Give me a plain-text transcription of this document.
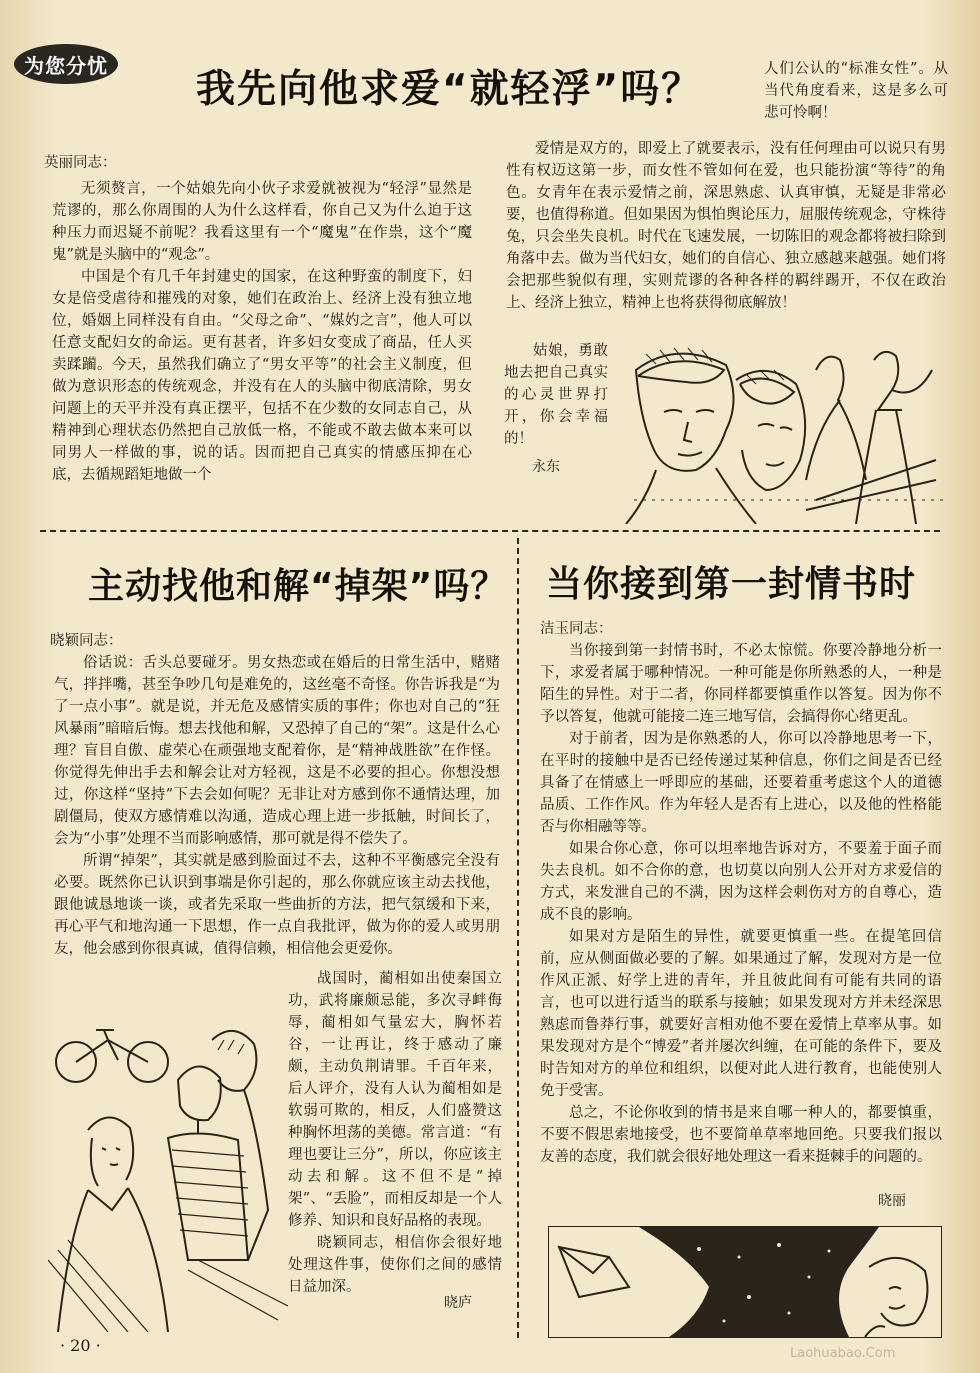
为您分忧
我先向他求爱“就轻浮”吗？
英丽同志：

无须赘言，一个姑娘先向小伙子求爱就被视为“轻浮”显然是荒谬的，那么你周围的人为什么这样看，你自己又为什么迫于这种压力而迟疑不前呢？我看这里有一个“魔鬼”在作祟，这个“魔鬼”就是头脑中的“观念”。

中国是个有几千年封建史的国家，在这种野蛮的制度下，妇女是倍受虐待和摧残的对象，她们在政治上、经济上没有独立地位，婚姻上同样没有自由。“父母之命”、“媒妁之言”，他人可以任意支配妇女的命运。更有甚者，许多妇女变成了商品，任人买卖蹂躏。今天，虽然我们确立了“男女平等”的社会主义制度，但做为意识形态的传统观念，并没有在人的头脑中彻底清除，男女问题上的天平并没有真正摆平，包括不在少数的女同志自己，从精神到心理状态仍然把自己放低一格，不能或不敢去做本来可以同男人一样做的事，说的话。因而把自己真实的情感压抑在心底，去循规蹈矩地做一个

人们公认的“标准女性”。从当代角度看来，这是多么可悲可怜啊！

爱情是双方的，即爱上了就要表示，没有任何理由可以说只有男性有权迈这第一步，而女性不管如何在爱，也只能扮演“等待”的角色。女青年在表示爱情之前，深思熟虑、认真审慎，无疑是非常必要，也值得称道。但如果因为惧怕舆论压力，屈服传统观念，守株待兔，只会坐失良机。时代在飞速发展，一切陈旧的观念都将被扫除到角落中去。做为当代妇女，她们的自信心、独立感越来越强。她们将会把那些貌似有理，实则荒谬的各种各样的羁绊踢开，不仅在政治上、经济上独立，精神上也将获得彻底解放！

姑娘，勇敢地去把自己真实的心灵世界打开，你会幸福的！

永东
主动找他和解“掉架”吗？
晓颖同志：

俗话说：舌头总要碰牙。男女热恋或在婚后的日常生活中，赌赌气，拌拌嘴，甚至争吵几句是难免的，这丝毫不奇怪。你告诉我是“为了一点小事”。就是说，并无危及感情实质的事件；你也对自己的“狂风暴雨”暗暗后悔。想去找他和解，又恐掉了自己的“架”。这是什么心理？盲目自傲、虚荣心在顽强地支配着你，是“精神战胜欲”在作怪。你觉得先伸出手去和解会让对方轻视，这是不必要的担心。你想没想过，你这样“坚持”下去会如何呢？无非让对方感到你不通情达理，加剧僵局，使双方感情难以沟通，造成心理上进一步抵触，时间长了，会为“小事”处理不当而影响感情，那可就是得不偿失了。

所谓“掉架”，其实就是感到脸面过不去，这种不平衡感完全没有必要。既然你已认识到事端是你引起的，那么你就应该主动去找他，跟他诚恳地谈一谈，或者先采取一些曲折的方法，把气氛缓和下来，再心平气和地沟通一下思想，作一点自我批评，做为你的爱人或男朋友，他会感到你很真诚，值得信赖，相信他会更爱你。

战国时，蔺相如出使秦国立功，武将廉颇忌能，多次寻衅侮辱，蔺相如气量宏大，胸怀若谷，一让再让，终于感动了廉颇，主动负荆请罪。千百年来，后人评介，没有人认为蔺相如是软弱可欺的，相反，人们盛赞这种胸怀坦荡的美德。常言道：“有理也要让三分”，所以，你应该主动去和解。这不但不是“掉架”、“丢脸”，而相反却是一个人修养、知识和良好品格的表现。

晓颖同志，相信你会很好地处理这件事，使你们之间的感情日益加深。

晓庐
当你接到第一封情书时
洁玉同志：

当你接到第一封情书时，不必太惊慌。你要冷静地分析一下，求爱者属于哪种情况。一种可能是你所熟悉的人，一种是陌生的异性。对于二者，你同样都要慎重作以答复。因为你不予以答复，他就可能接二连三地写信，会搞得你心绪更乱。

对于前者，因为是你熟悉的人，你可以冷静地思考一下，在平时的接触中是否已经传递过某种信息，你们之间是否已经具备了在情感上一呼即应的基础，还要着重考虑这个人的道德品质、工作作风。作为年轻人是否有上进心，以及他的性格能否与你相融等等。

如果合你心意，你可以坦率地告诉对方，不要羞于面子而失去良机。如不合你的意，也切莫以向别人公开对方求爱信的方式，来发泄自己的不满，因为这样会刺伤对方的自尊心，造成不良的影响。

如果对方是陌生的异性，就要更慎重一些。在提笔回信前，应从侧面做必要的了解。如果通过了解，发现对方是一位作风正派、好学上进的青年，并且彼此间有可能有共同的语言，也可以进行适当的联系与接触；如果发现对方并未经深思熟虑而鲁莽行事，就要好言相劝他不要在爱情上草率从事。如果发现对方是个“博爱”者并屡次纠缠，在可能的条件下，要及时告知对方的单位和组织，以便对此人进行教育，也能使别人免于受害。

总之，不论你收到的情书是来自哪一种人的，都要慎重，不要不假思索地接受，也不要简单草率地回绝。只要我们报以友善的态度，我们就会很好地处理这一看来挺棘手的问题的。

晓丽
· 20 ·	Laohuabao.Com
